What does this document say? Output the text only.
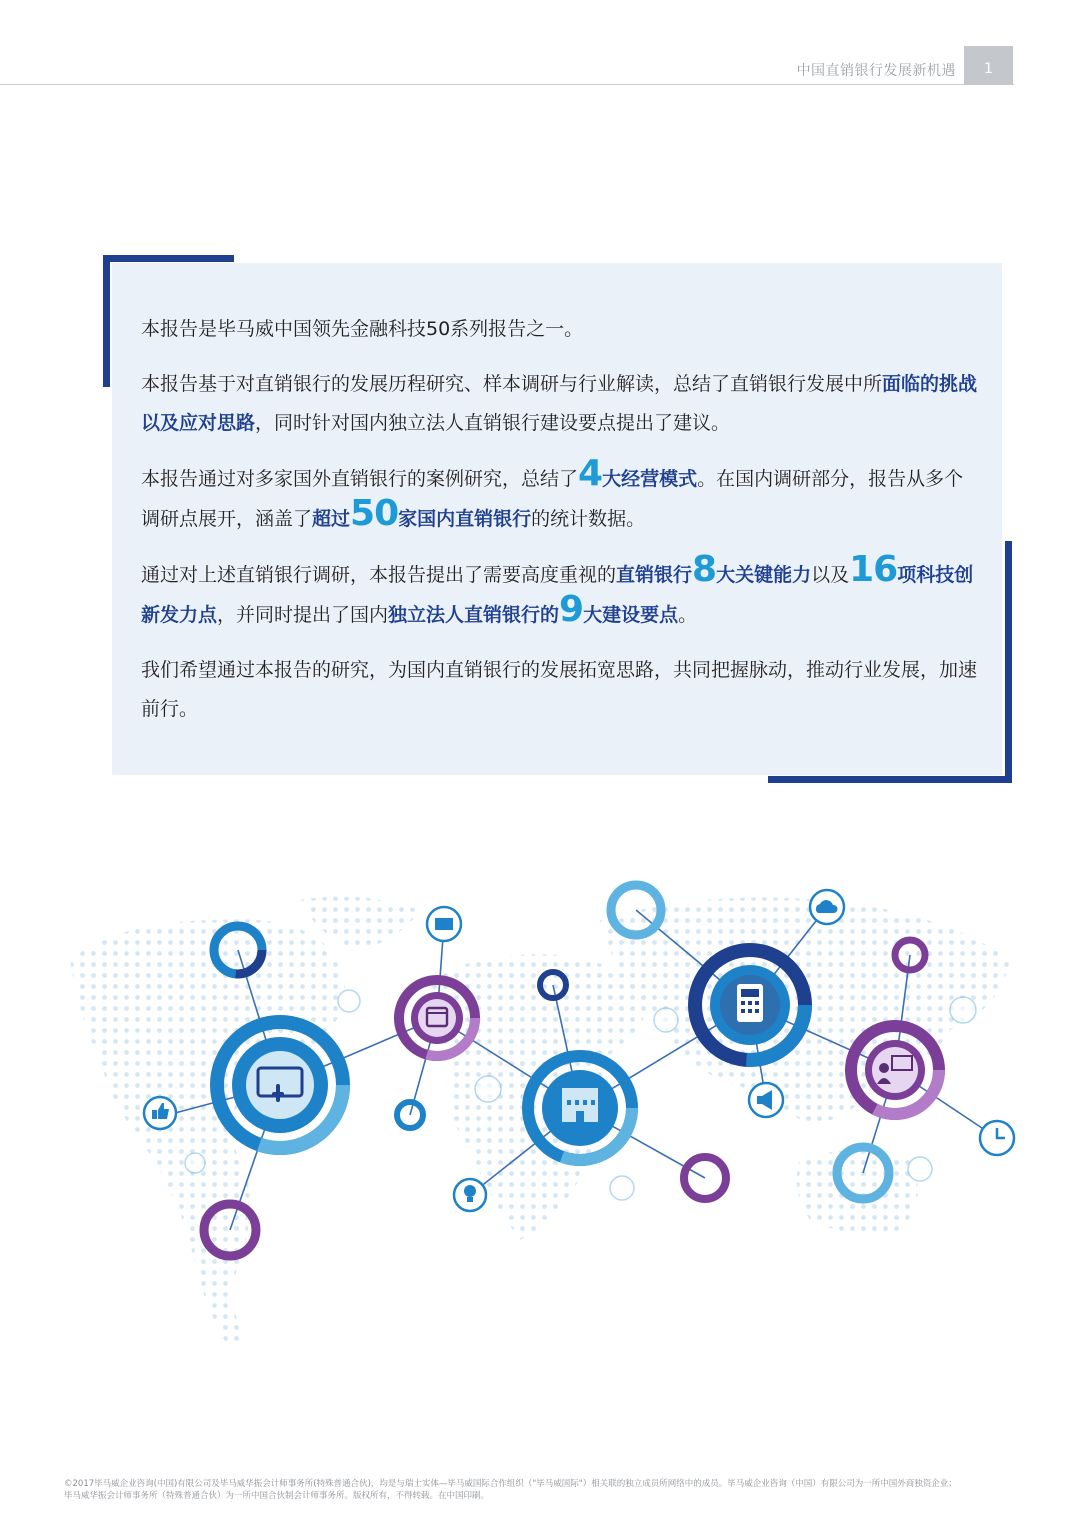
中国直销银行发展新机遇	1

本报告是毕马威中国领先金融科技50系列报告之一。

本报告基于对直销银行的发展历程研究、样本调研与行业解读，总结了直销银行发展中所面临的挑战以及应对思路，同时针对国内独立法人直销银行建设要点提出了建议。

本报告通过对多家国外直销银行的案例研究，总结了4大经营模式。在国内调研部分，报告从多个调研点展开，涵盖了超过50家国内直销银行的统计数据。

通过对上述直销银行调研，本报告提出了需要高度重视的直销银行8大关键能力以及16项科技创新发力点，并同时提出了国内独立法人直销银行的9大建设要点。

我们希望通过本报告的研究，为国内直销银行的发展拓宽思路，共同把握脉动，推动行业发展，加速前行。

©2017毕马威企业咨询(中国)有限公司及毕马威华振会计师事务所(特殊普通合伙)，均是与瑞士实体—毕马威国际合作组织（"毕马威国际"）相关联的独立成员所网络中的成员。毕马威企业咨询（中国）有限公司为一所中国外商独资企业；
毕马威华振会计师事务所（特殊普通合伙）为一所中国合伙制会计师事务所。版权所有，不得转载。在中国印刷。
